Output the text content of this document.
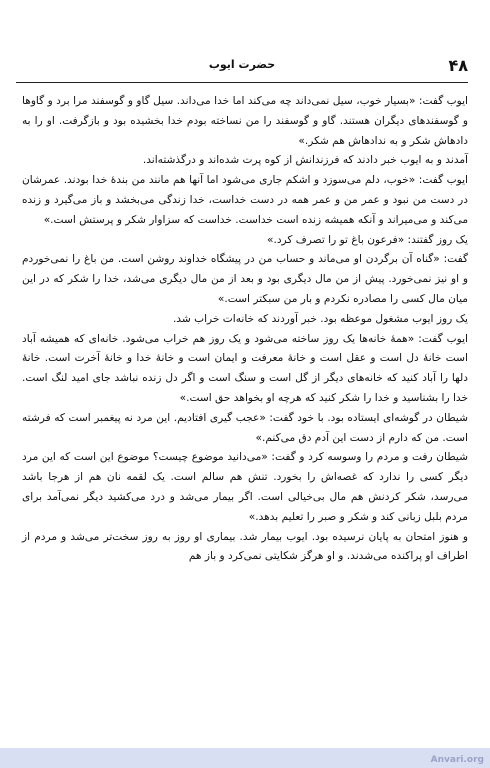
۴۸
حضرت ایوب

ایوب گفت: «بسیار خوب، سیل نمی‌داند چه می‌کند اما خدا می‌داند. سیل گاو و گوسفند مرا برد و گاوها و گوسفندهای دیگران هستند. گاو و گوسفند را من نساخته بودم خدا بخشیده بود و بازگرفت. او را به دادهاش شکر و به ندادهاش هم شکر.»

آمدند و به ایوب خبر دادند که فرزندانش از کوه پرت شده‌اند و درگذشته‌اند.

ایوب گفت: «خوب، دلم می‌سوزد و اشکم جاری می‌شود اما آنها هم مانند من بندهٔ خدا بودند. عمرشان در دست من نبود و عمر من و عمر همه در دست خداست، خدا زندگی می‌بخشد و باز می‌گیرد و زنده می‌کند و می‌میراند و آنکه همیشه زنده است خداست. خداست که سزاوار شکر و پرستش است.»

یک روز گفتند: «فرعون باغ تو را تصرف کرد.»

گفت: «گناه آن برگردن او می‌ماند و حساب من در پیشگاه خداوند روشن است. من باغ را نمی‌خوردم و او نیز نمی‌خورد. پیش از من مال دیگری بود و بعد از من مال دیگری می‌شد، خدا را شکر که در این میان مال کسی را مصادره نکردم و بار من سبکتر است.»

یک روز ایوب مشغول موعظه بود. خبر آوردند که خانه‌ات خراب شد.

ایوب گفت: «همهٔ خانه‌ها یک روز ساخته می‌شود و یک روز هم خراب می‌شود. خانه‌ای که همیشه آباد است خانهٔ دل است و عقل است و خانهٔ معرفت و ایمان است و خانهٔ خدا و خانهٔ آخرت است. خانهٔ دلها را آباد کنید که خانه‌های دیگر از گل است و سنگ است و اگر دل زنده نباشد جای امید لنگ است. خدا را بشناسید و خدا را شکر کنید که هرچه او بخواهد حق است.»

شیطان در گوشه‌ای ایستاده بود. با خود گفت: «عجب گیری افتادیم. این مرد نه پیغمبر است که فرشته است. من که دارم از دست این آدم دق می‌کنم.»

شیطان رفت و مردم را وسوسه کرد و گفت: «می‌دانید موضوع چیست؟ موضوع این است که این مرد دیگر کسی را ندارد که غصه‌اش را بخورد. تنش هم سالم است. یک لقمه نان هم از هرجا باشد می‌رسد، شکر کردنش هم مال بی‌خیالی است. اگر بیمار می‌شد و درد می‌کشید دیگر نمی‌آمد برای مردم بلبل زبانی کند و شکر و صبر را تعلیم بدهد.»

و هنوز امتحان به پایان نرسیده بود. ایوب بیمار شد. بیماری او روز به روز سخت‌تر می‌شد و مردم از اطراف او پراکنده می‌شدند. و او هرگز شکایتی نمی‌کرد و باز هم

Anvari.org
